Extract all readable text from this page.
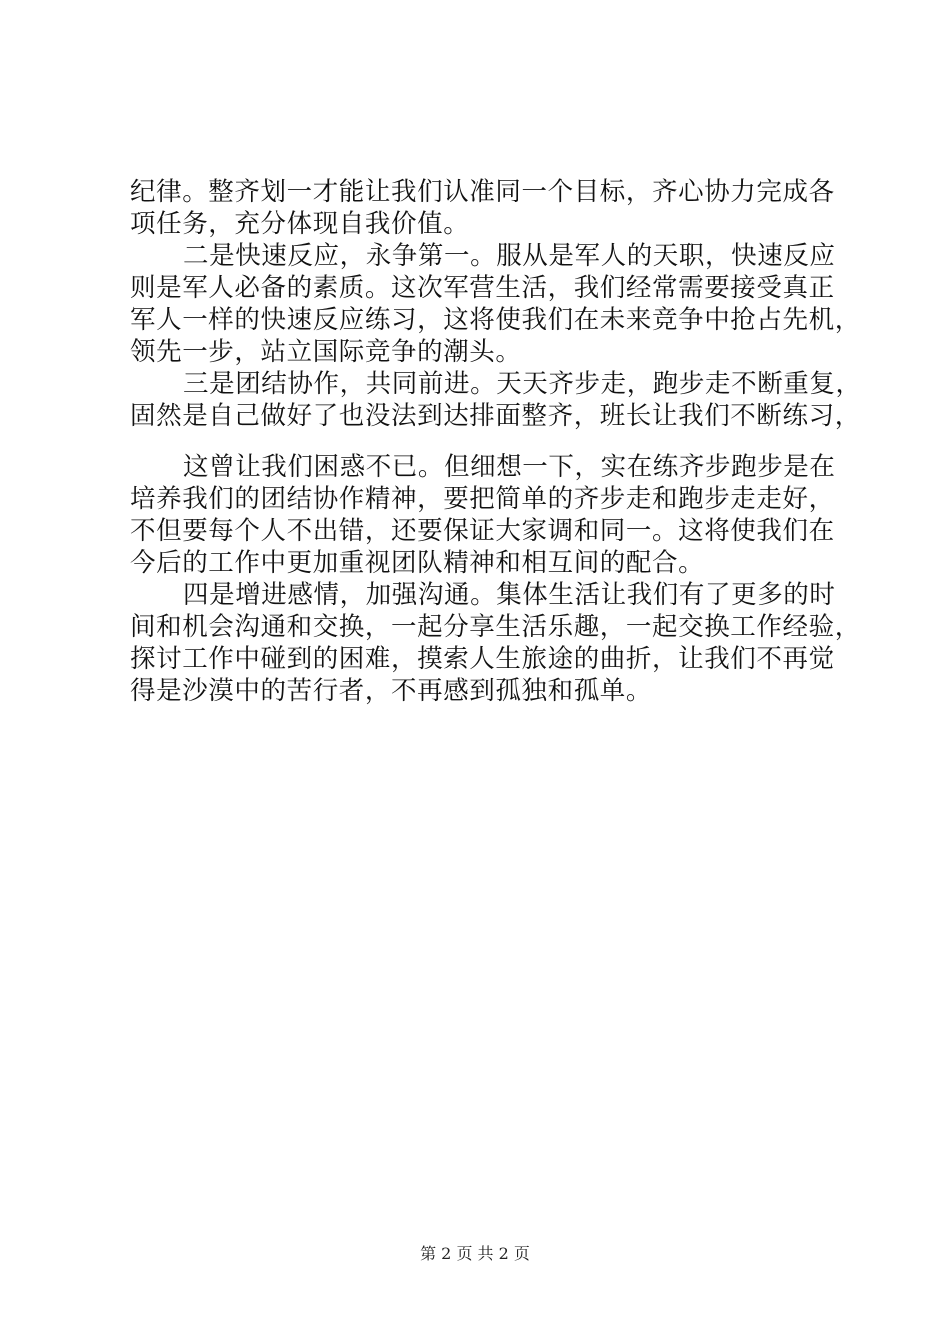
纪律。整齐划一才能让我们认准同一个目标，齐心协力完成各
项任务，充分体现自我价值。
二是快速反应，永争第一。服从是军人的天职，快速反应
则是军人必备的素质。这次军营生活，我们经常需要接受真正
军人一样的快速反应练习，这将使我们在未来竞争中抢占先机，
领先一步，站立国际竞争的潮头。
三是团结协作，共同前进。天天齐步走，跑步走不断重复，
固然是自己做好了也没法到达排面整齐，班长让我们不断练习，
这曾让我们困惑不已。但细想一下，实在练齐步跑步是在
培养我们的团结协作精神，要把简单的齐步走和跑步走走好，
不但要每个人不出错，还要保证大家调和同一。这将使我们在
今后的工作中更加重视团队精神和相互间的配合。
四是增进感情，加强沟通。集体生活让我们有了更多的时
间和机会沟通和交换，一起分享生活乐趣，一起交换工作经验，
探讨工作中碰到的困难，摸索人生旅途的曲折，让我们不再觉
得是沙漠中的苦行者，不再感到孤独和孤单。
第 2 页 共 2 页
